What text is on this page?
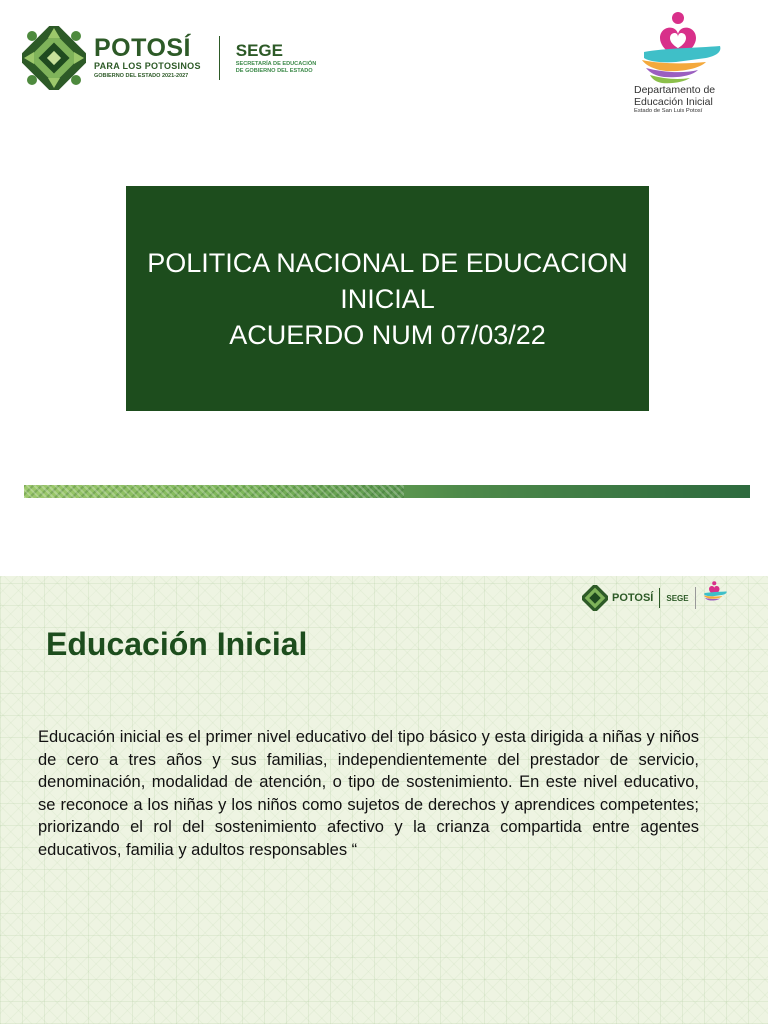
POTOSÍ
PARA LOS POTOSINOS
GOBIERNO DEL ESTADO 2021-2027
SEGE
SECRETARÍA DE EDUCACIÓN
DE GOBIERNO DEL ESTADO
Departamento de
Educación Inicial
Estado de San Luis Potosí
POLITICA NACIONAL DE EDUCACION
INICIAL
ACUERDO NUM 07/03/22
POTOSÍ SEGE
Educación Inicial
Educación inicial es el primer nivel educativo del tipo básico y esta dirigida a niñas y niños de cero a tres años y sus familias, independientemente del prestador de servicio, denominación, modalidad de atención, o tipo de sostenimiento. En este nivel educativo, se reconoce a los niñas y los niños como sujetos de derechos y aprendices competentes; priorizando el rol del sostenimiento afectivo y la crianza compartida entre agentes educativos, familia y adultos responsables “
